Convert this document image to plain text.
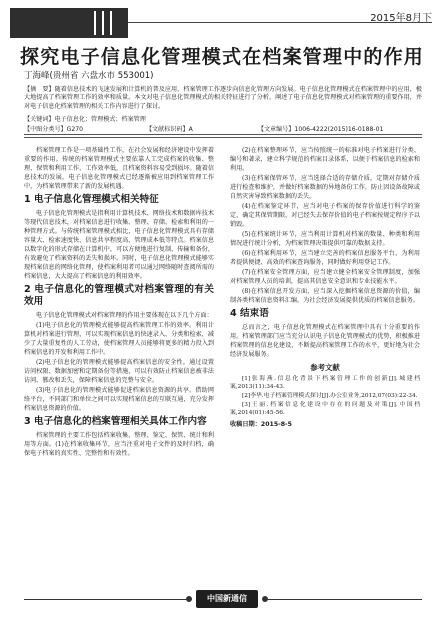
2015年8月下
探究电子信息化管理模式在档案管理中的作用
丁海峰(贵州省 六盘水市 553001)
【摘　要】随着信息技术的飞速发展和计算机的普及应用，档案管理工作逐步向信息化管理方向发展。电子信息化管理模式在档案管理中的应用，极大地提高了档案管理工作的效率和质量。本文对电子信息化管理模式的相关特征进行了分析，阐述了电子信息化管理模式对档案管理的重要作用，并对电子信息化档案管理的相关工作内容进行了探讨。
【关键词】电子信息化；管理模式；档案管理
【中图分类号】G270	【文献标识码】A	【文章编号】1006-4222(2015)16-0188-01

档案管理工作是一项基础性工作，在社会发展和经济建设中发挥着重要的作用。传统的档案管理模式主要依靠人工完成档案的收集、整理、保管和利用工作，工作效率低，且档案资料容易受到损坏。随着信息技术的发展，电子信息化管理模式已经逐渐被应用到档案管理工作中，为档案管理带来了新的发展机遇。

1 电子信息化管理模式相关特征

电子信息化管理模式是指利用计算机技术、网络技术和数据库技术等现代信息技术，对档案信息进行收集、整理、存储、检索和利用的一种管理方式。与传统档案管理模式相比，电子信息化管理模式具有存储容量大、检索速度快、信息共享程度高、管理成本低等特点。档案信息以数字化的形式存储在计算机中，可以方便地进行复制、传输和备份，有效避免了档案资料的丢失和损坏。同时，电子信息化管理模式能够实现档案信息的网络化管理，使档案利用者可以通过网络随时查阅所需的档案信息，大大提高了档案信息的利用效率。

2 电子信息化的管理模式对档案管理的有关效用

电子信息化管理模式对档案管理的作用主要体现在以下几个方面：

(1)电子信息化的管理模式能够提高档案管理工作的效率。利用计算机对档案进行管理，可以实现档案信息的快速录入、分类和检索，减少了大量重复性的人工劳动，使档案管理人员能够将更多的精力投入到档案信息的开发和利用工作中。

(2)电子信息化的管理模式能够提高档案信息的安全性。通过设置访问权限、数据加密和定期备份等措施，可以有效防止档案信息被非法访问、篡改和丢失，保障档案信息的完整与安全。

(3)电子信息化的管理模式能够促进档案信息资源的共享。借助网络平台，不同部门和单位之间可以实现档案信息的互联互通，充分发挥档案信息资源的价值。

3 电子信息化的档案管理相关具体工作内容

档案管理的主要工作包括档案收集、整理、鉴定、保管、统计和利用等方面。(1)在档案收集环节，应当注重对电子文件的及时归档，确保电子档案的真实性、完整性和有效性。

(2)在档案整理环节，应当按照统一的标准对电子档案进行分类、编号和著录，建立科学规范的档案目录体系，以便于档案信息的检索和利用。

(3)在档案保管环节，应当选择合适的存储介质，定期对存储介质进行检查和维护，并做好档案数据的异地备份工作，防止因设备故障或自然灾害导致档案数据的丢失。

(4)在档案鉴定环节，应当对电子档案的保存价值进行科学的鉴定，确定其保管期限，对已经失去保存价值的电子档案按规定程序予以销毁。

(5)在档案统计环节，应当利用计算机对档案的数量、种类和利用情况进行统计分析，为档案管理决策提供可靠的数据支持。

(6)在档案利用环节，应当建立完善的档案信息服务平台，为利用者提供便捷、高效的档案查询服务，同时做好利用登记工作。

(7)在档案安全管理方面，应当建立健全档案安全管理制度，加强对档案管理人员的培训，提高其信息安全意识和专业技能水平。

(8)在档案信息开发方面，应当深入挖掘档案信息资源的价值，编制各类档案信息资料汇编，为社会经济发展提供优质的档案信息服务。

4 结束语

总而言之，电子信息化管理模式在档案管理中具有十分重要的作用。档案管理部门应当充分认识电子信息化管理模式的优势，积极推进档案管理的信息化建设，不断提高档案管理工作的水平，更好地为社会经济发展服务。

参考文献

[1]张海燕.信息化背景下档案管理工作的创新[J].城建档案,2013(11):34-43.

[2]李华.电子档案管理模式探讨[J].办公室业务,2012,07(03):22-34.

[3]王丽.档案信息化建设中存在的问题及对策[J].中国档案,2014(01):45-56.

收稿日期：2015-8-5
中国新通信
